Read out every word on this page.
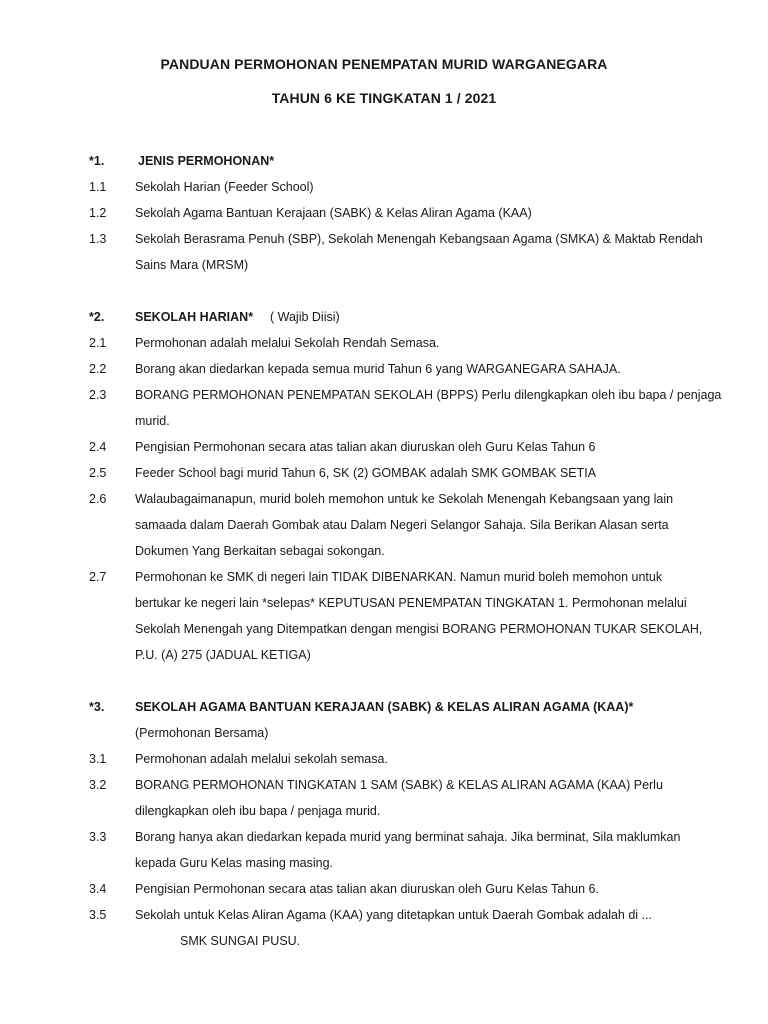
PANDUAN PERMOHONAN PENEMPATAN MURID WARGANEGARA
TAHUN 6 KE TINGKATAN 1 / 2021
*1.	JENIS PERMOHONAN*
1.1 Sekolah Harian (Feeder School)
1.2 Sekolah Agama Bantuan Kerajaan (SABK) & Kelas Aliran Agama (KAA)
1.3 Sekolah Berasrama Penuh (SBP), Sekolah Menengah Kebangsaan Agama (SMKA) & Maktab Rendah
Sains Mara (MRSM)
*2. SEKOLAH HARIAN* ( Wajib Diisi)
2.1 Permohonan adalah melalui Sekolah Rendah Semasa.
2.2 Borang akan diedarkan kepada semua murid Tahun 6 yang WARGANEGARA SAHAJA.
2.3 BORANG PERMOHONAN PENEMPATAN SEKOLAH (BPPS) Perlu dilengkapkan oleh ibu bapa / penjaga
murid.
2.4 Pengisian Permohonan secara atas talian akan diuruskan oleh Guru Kelas Tahun 6
2.5 Feeder School bagi murid Tahun 6, SK (2) GOMBAK adalah SMK GOMBAK SETIA
2.6 Walaubagaimanapun, murid boleh memohon untuk ke Sekolah Menengah Kebangsaan yang lain
samaada dalam Daerah Gombak atau Dalam Negeri Selangor Sahaja. Sila Berikan Alasan serta
Dokumen Yang Berkaitan sebagai sokongan.
2.7 Permohonan ke SMK di negeri lain TIDAK DIBENARKAN. Namun murid boleh memohon untuk
bertukar ke negeri lain *selepas* KEPUTUSAN PENEMPATAN TINGKATAN 1. Permohonan melalui
Sekolah Menengah yang Ditempatkan dengan mengisi BORANG PERMOHONAN TUKAR SEKOLAH,
P.U. (A) 275 (JADUAL KETIGA)
*3. SEKOLAH AGAMA BANTUAN KERAJAAN (SABK) & KELAS ALIRAN AGAMA (KAA)*
(Permohonan Bersama)
3.1 Permohonan adalah melalui sekolah semasa.
3.2 BORANG PERMOHONAN TINGKATAN 1 SAM (SABK) & KELAS ALIRAN AGAMA (KAA) Perlu
dilengkapkan oleh ibu bapa / penjaga murid.
3.3 Borang hanya akan diedarkan kepada murid yang berminat sahaja. Jika berminat, Sila maklumkan
kepada Guru Kelas masing masing.
3.4 Pengisian Permohonan secara atas talian akan diuruskan oleh Guru Kelas Tahun 6.
3.5 Sekolah untuk Kelas Aliran Agama (KAA) yang ditetapkan untuk Daerah Gombak adalah di ...
SMK SUNGAI PUSU.
